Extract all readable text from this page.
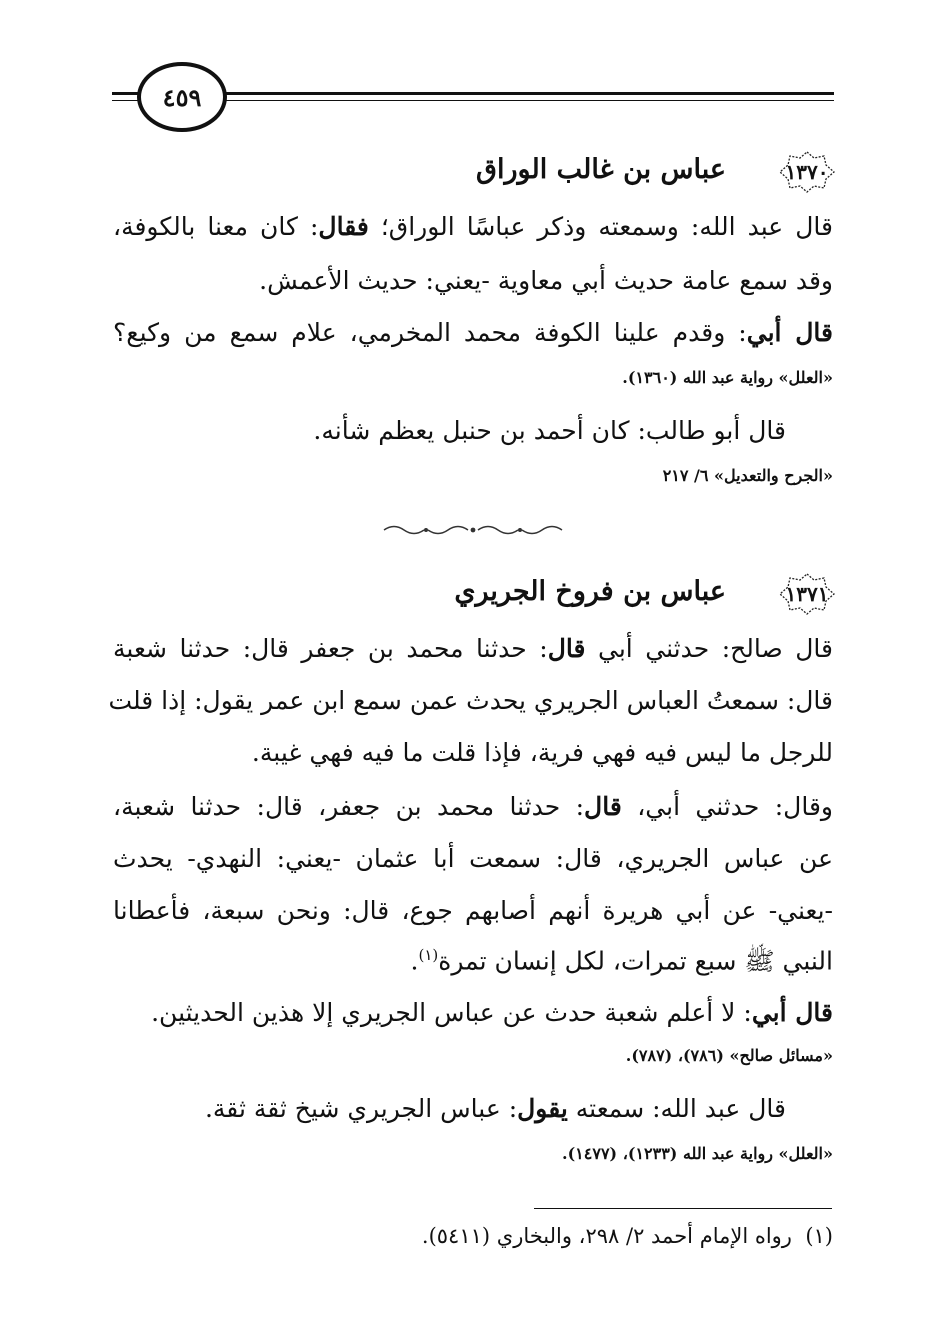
٤٥٩
١٣٧٠
عباس بن غالب الوراق
قال عبد الله: وسمعته وذكر عباسًا الوراق؛ فقال: كان معنا بالكوفة،
وقد سمع عامة حديث أبي معاوية -يعني: حديث الأعمش.
قال أبي: وقدم علينا الكوفة محمد المخرمي، علام سمع من وكيع؟
«العلل» رواية عبد الله (١٣٦٠).
قال أبو طالب: كان أحمد بن حنبل يعظم شأنه.
«الجرح والتعديل» ٦/ ٢١٧
١٣٧١
عباس بن فروخ الجريري
قال صالح: حدثني أبي قال: حدثنا محمد بن جعفر قال: حدثنا شعبة
قال: سمعتُ العباس الجريري يحدث عمن سمع ابن عمر يقول: إذا قلت
للرجل ما ليس فيه فهي فرية، فإذا قلت ما فيه فهي غيبة.
وقال: حدثني أبي، قال: حدثنا محمد بن جعفر، قال: حدثنا شعبة،
عن عباس الجريري، قال: سمعت أبا عثمان -يعني: النهدي- يحدث
-يعني- عن أبي هريرة أنهم أصابهم جوع، قال: ونحن سبعة، فأعطانا
النبي ﷺ سبع تمرات، لكل إنسان تمرة$^{(١)}$.
قال أبي: لا أعلم شعبة حدث عن عباس الجريري إلا هذين الحديثين.
«مسائل صالح» (٧٨٦)، (٧٨٧).
قال عبد الله: سمعته يقول: عباس الجريري شيخ ثقة ثقة.
«العلل» رواية عبد الله (١٢٣٣)، (١٤٧٧).
(١)  رواه الإمام أحمد ٢/ ٢٩٨، والبخاري (٥٤١١).
